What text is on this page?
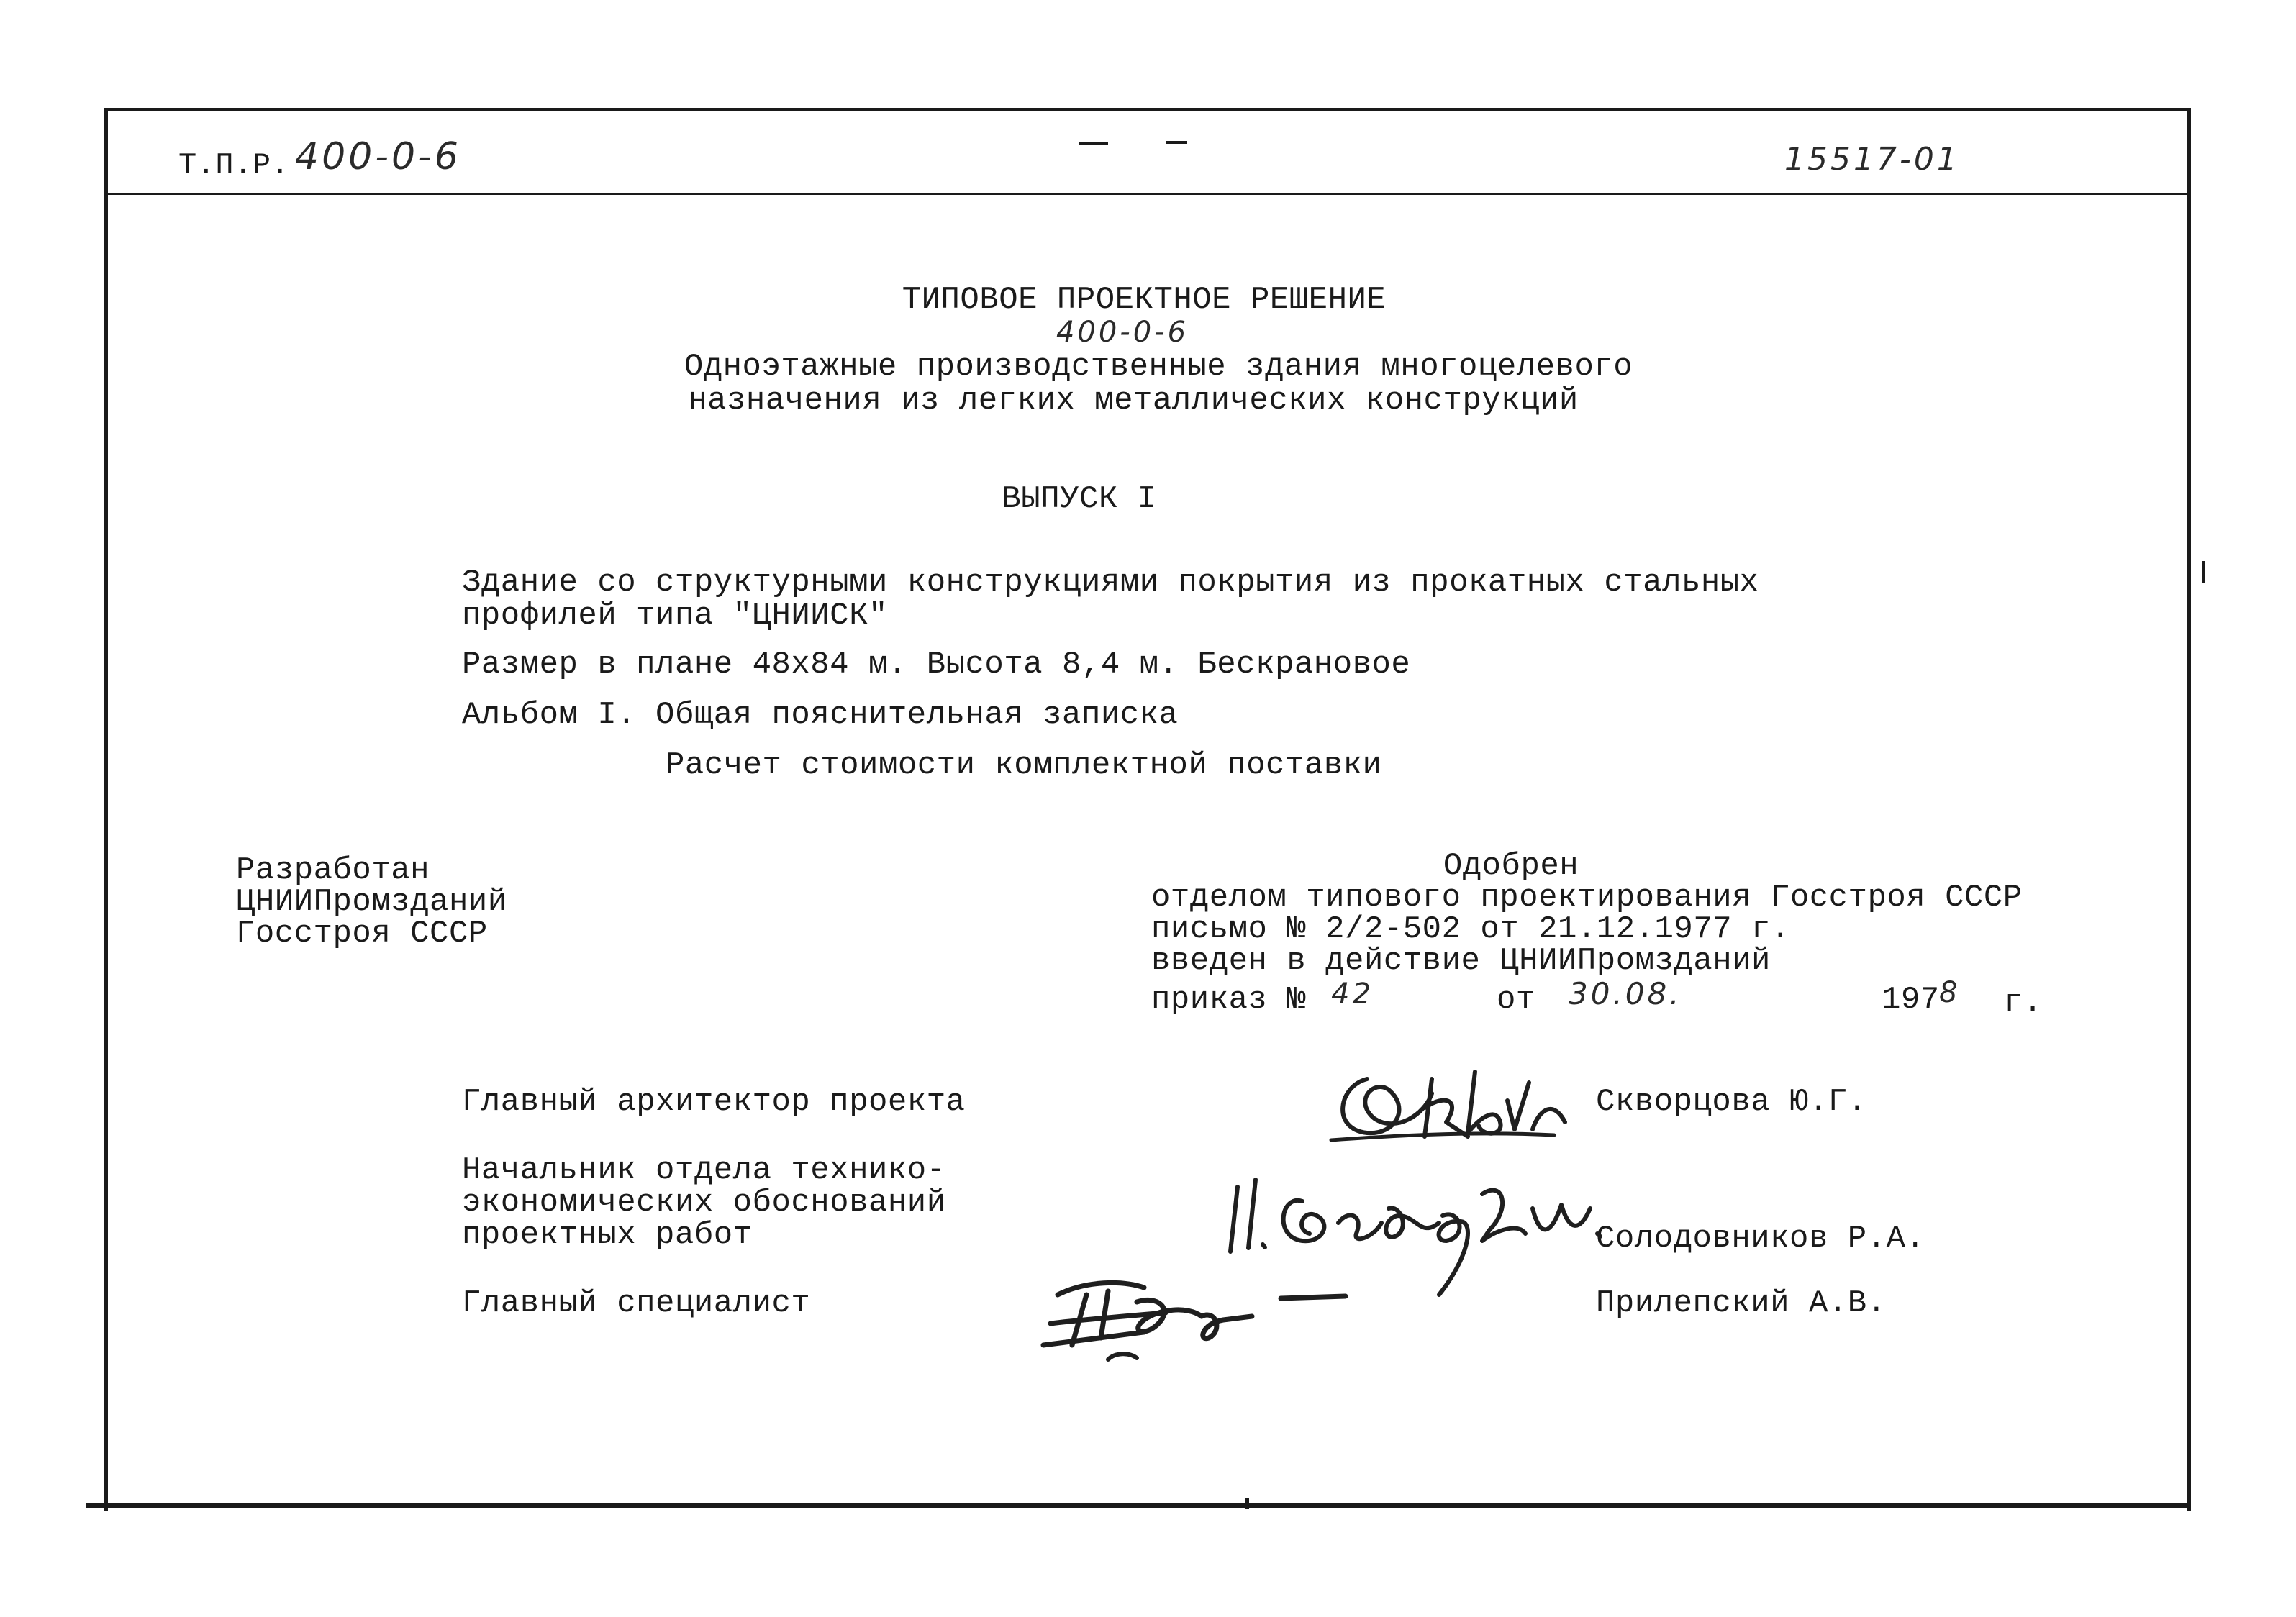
Т.П.Р. 400-0-6	15517-01
ТИПОВОЕ ПРОЕКТНОЕ РЕШЕНИЕ
400-0-6
Одноэтажные производственные здания многоцелевого
назначения из легких металлических конструкций
ВЫПУСК I
Здание со структурными конструкциями покрытия из прокатных стальных
профилей типа "ЦНИИСК"
Размер в плане 48х84 м. Высота 8,4 м. Бескрановое
Альбом I. Общая пояснительная записка
Расчет стоимости комплектной поставки
Разработан
ЦНИИПромзданий
Госстроя СССР
Одобрен
отделом типового проектирования Госстроя СССР
письмо № 2/2-502 от 21.12.1977 г.
введен в действие ЦНИИПромзданий
приказ № 42	от 30.08.	197 8 г.
Главный архитектор проекта	Скворцова Ю.Г.
Начальник отдела технико-
экономических обоснований
проектных работ	Солодовников Р.А.
Главный специалист	Прилепский А.В.
